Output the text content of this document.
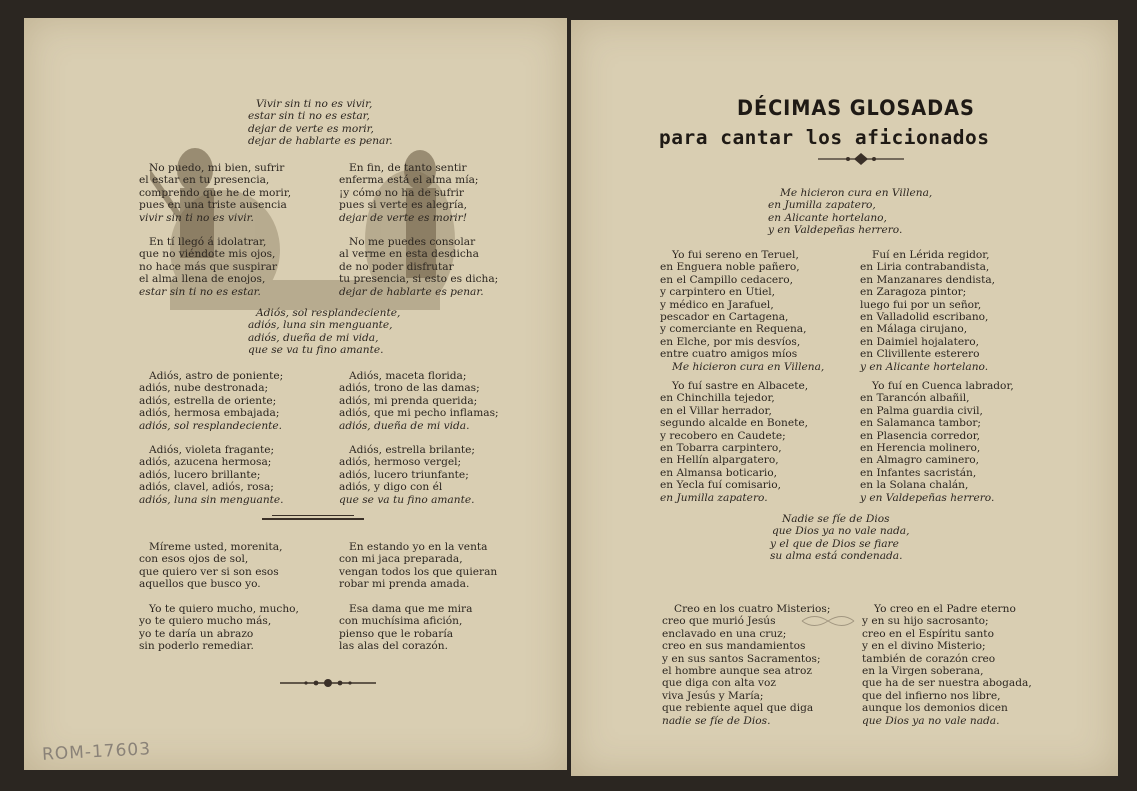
Vivir sin ti no es vivir,
estar sin ti no es estar,
dejar de verte es morir,
dejar de hablarte es penar.
No puedo, mi bien, sufrir
el estar en tu presencia,
comprendo que he de morir,
pues en una triste ausencia
vivir sin ti no es vivir.
En fin, de tanto sentir
enferma está el alma mía;
¡y cómo no ha de sufrir
pues si verte es alegría,
dejar de verte es morir!
En tí llegó á idolatrar,
que no viéndote mis ojos,
no hace más que suspirar
el alma llena de enojos,
estar sin ti no es estar.
No me puedes consolar
al verme en esta desdicha
de no poder disfrutar
tu presencia, si esto es dicha;
dejar de hablarte es penar.
Adiós, sol resplandeciente,
adiós, luna sin menguante,
adiós, dueña de mi vida,
que se va tu fino amante.
Adiós, astro de poniente;
adiós, nube destronada;
adiós, estrella de oriente;
adiós, hermosa embajada;
adiós, sol resplandeciente.
Adiós, maceta florida;
adiós, trono de las damas;
adiós, mi prenda querida;
adiós, que mi pecho inflamas;
adiós, dueña de mi vida.
Adiós, violeta fragante;
adiós, azucena hermosa;
adiós, lucero brillante;
adiós, clavel, adiós, rosa;
adiós, luna sin menguante.
Adiós, estrella brilante;
adiós, hermoso vergel;
adiós, lucero triunfante;
adiós, y digo con él
que se va tu fino amante.
Míreme usted, morenita,
con esos ojos de sol,
que quiero ver si son esos
aquellos que busco yo.
En estando yo en la venta
con mi jaca preparada,
vengan todos los que quieran
robar mi prenda amada.
Yo te quiero mucho, mucho,
yo te quiero mucho más,
yo te daría un abrazo
sin poderlo remediar.
Esa dama que me mira
con muchísima afición,
pienso que le robaría
las alas del corazón.
ROM-17603
DÉCIMAS GLOSADAS
para cantar los aficionados
Me hicieron cura en Villena,
en Jumilla zapatero,
en Alicante hortelano,
y en Valdepeñas herrero.
Yo fui sereno en Teruel,
en Enguera noble pañero,
en el Campillo cedacero,
y carpintero en Utiel,
y médico en Jarafuel,
pescador en Cartagena,
y comerciante en Requena,
en Elche, por mis desvíos,
entre cuatro amigos míos
Me hicieron cura en Villena,
Fuí en Lérida regidor,
en Liria contrabandista,
en Manzanares dendista,
en Zaragoza pintor;
luego fui por un señor,
en Valladolid escribano,
en Málaga cirujano,
en Daimiel hojalatero,
en Clivillente esterero
y en Alicante hortelano.
Yo fuí sastre en Albacete,
en Chinchilla tejedor,
en el Villar herrador,
segundo alcalde en Bonete,
y recobero en Caudete;
en Tobarra carpintero,
en Hellín alpargatero,
en Almansa boticario,
en Yecla fuí comisario,
en Jumilla zapatero.
Yo fuí en Cuenca labrador,
en Tarancón albañil,
en Palma guardia civil,
en Salamanca tambor;
en Plasencia corredor,
en Herencia molinero,
en Almagro caminero,
en Infantes sacristán,
en la Solana chalán,
y en Valdepeñas herrero.
Nadie se fíe de Dios
que Dios ya no vale nada,
y el que de Dios se fiare
su alma está condenada.
Creo en los cuatro Misterios;
creo que murió Jesús
enclavado en una cruz;
creo en sus mandamientos
y en sus santos Sacramentos;
el hombre aunque sea atroz
que diga con alta voz
viva Jesús y María;
que rebiente aquel que diga
nadie se fíe de Dios.
Yo creo en el Padre eterno
y en su hijo sacrosanto;
creo en el Espíritu santo
y en el divino Misterio;
también de corazón creo
en la Virgen soberana,
que ha de ser nuestra abogada,
que del infierno nos libre,
aunque los demonios dicen
que Dios ya no vale nada.
